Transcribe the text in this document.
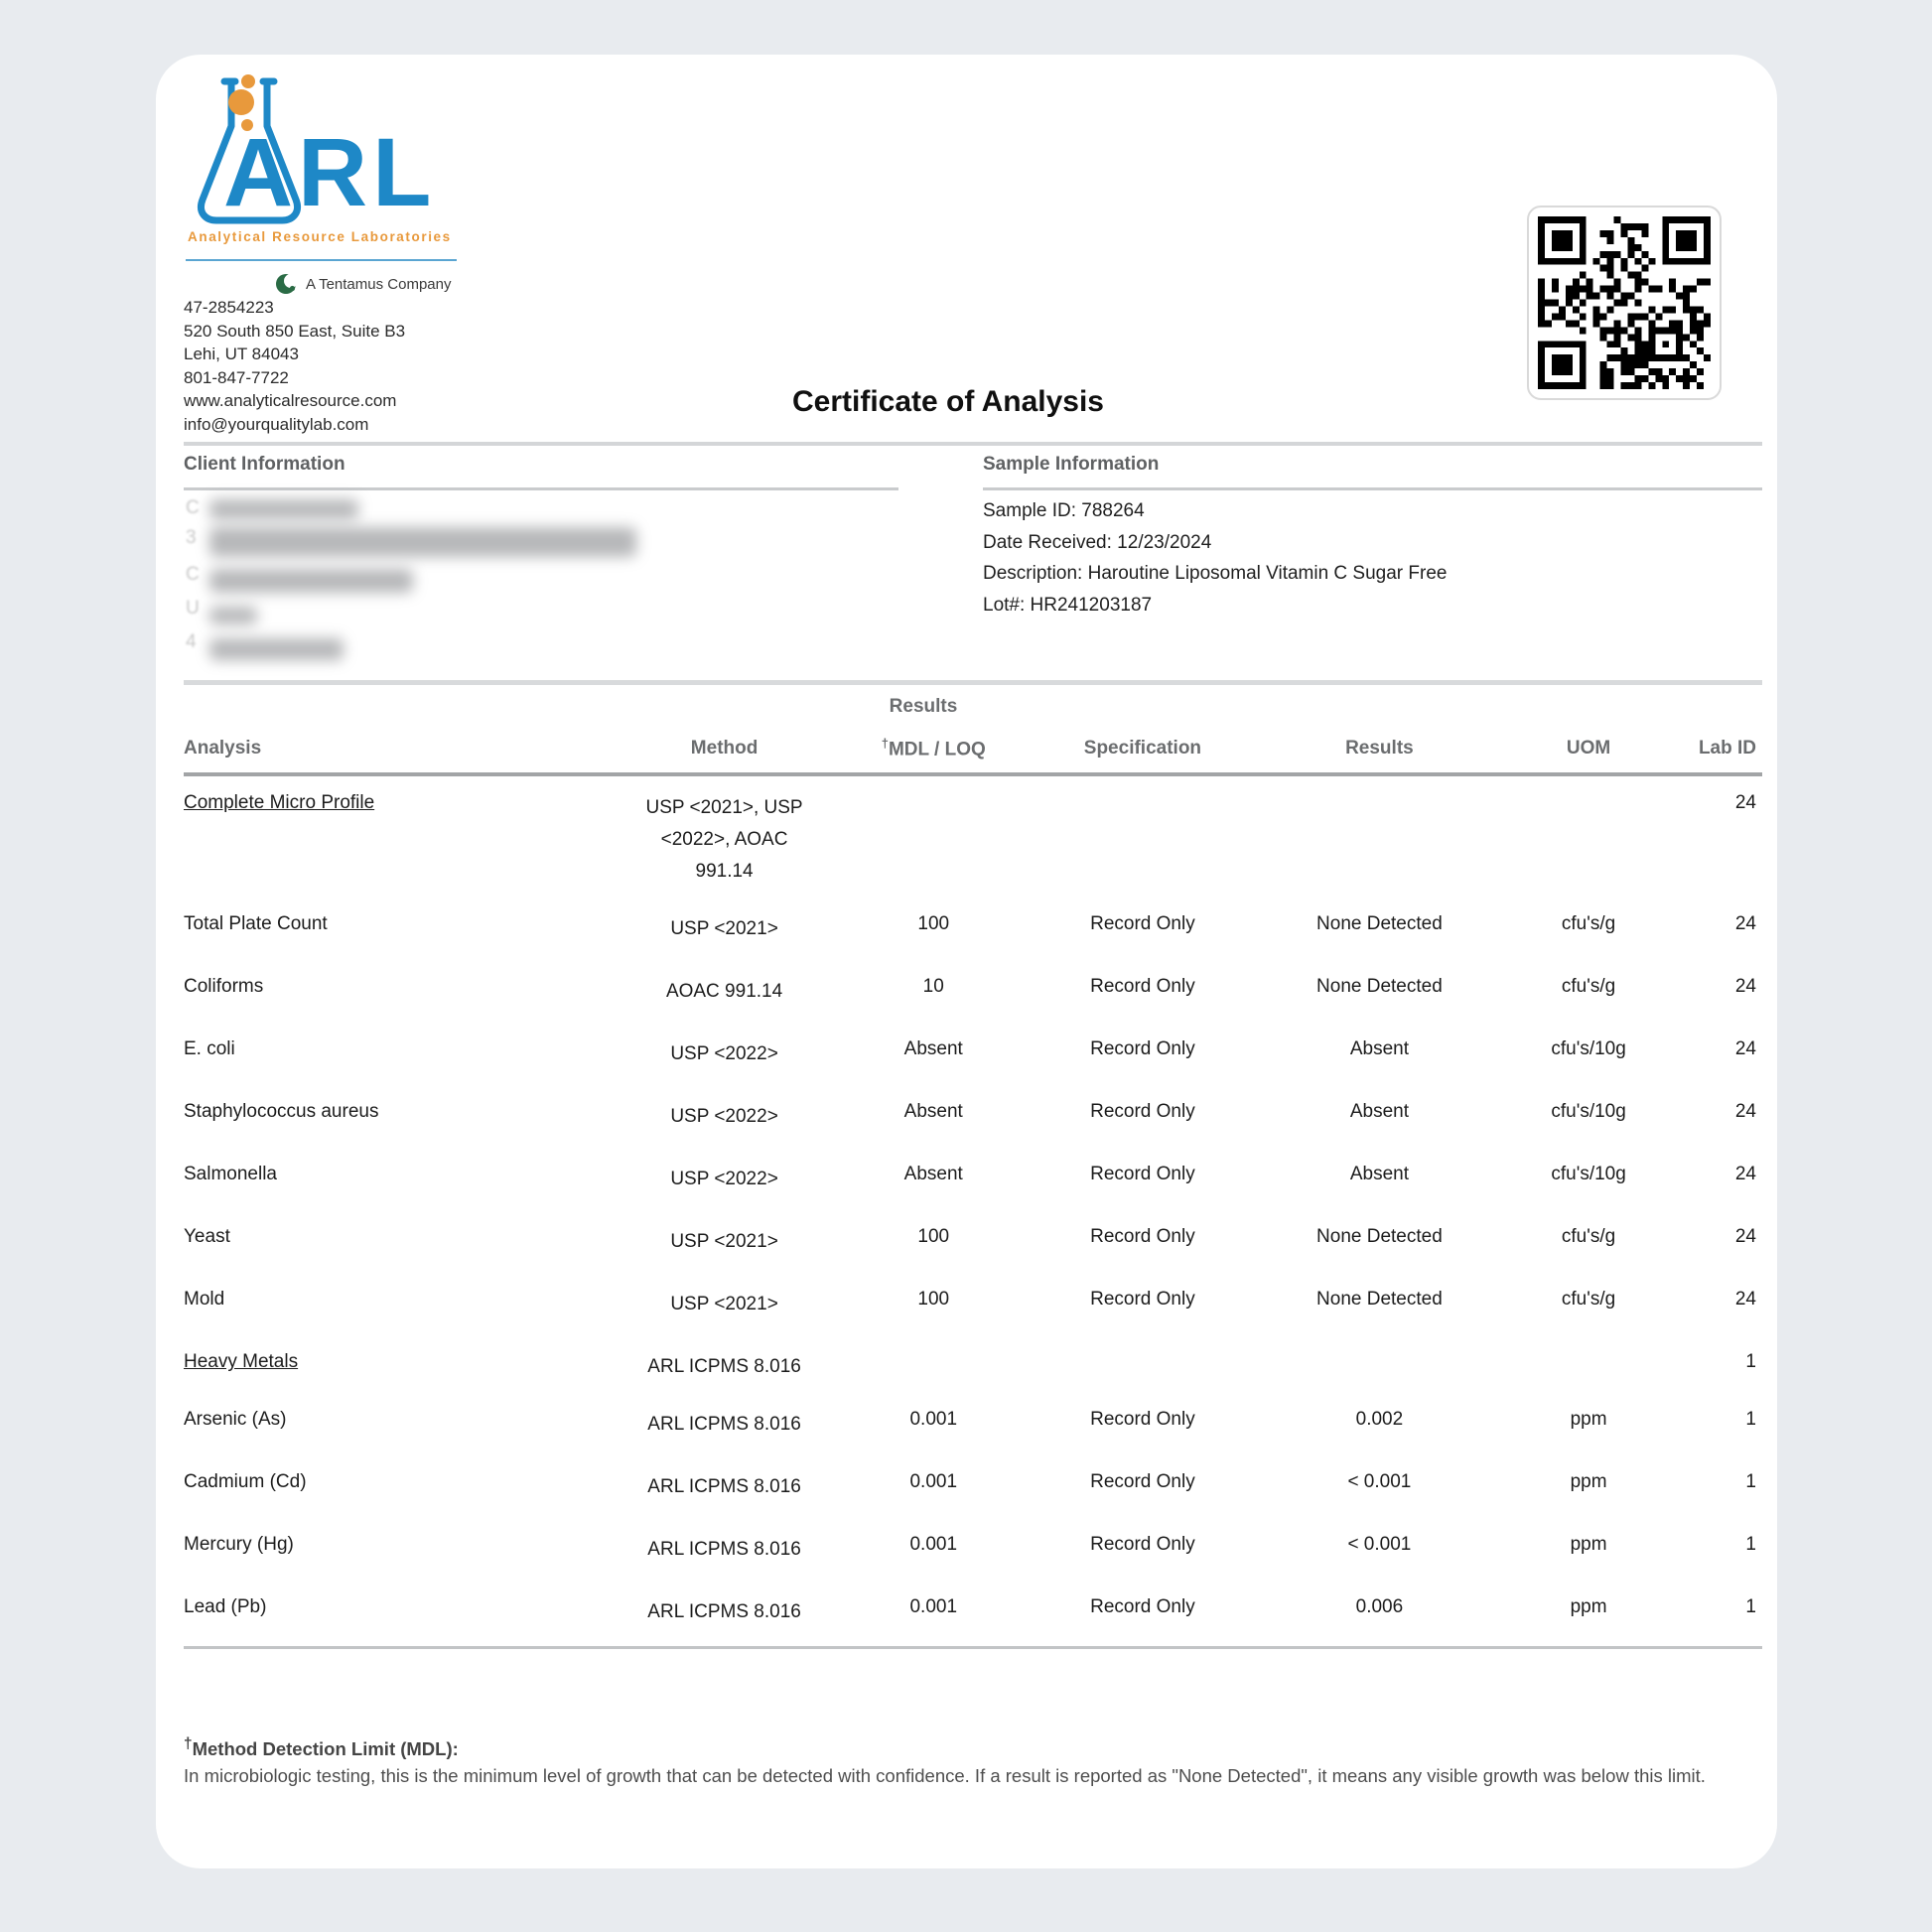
ARL
Analytical Resource Laboratories
A Tentamus Company
47-2854223
520 South 850 East, Suite B3
Lehi, UT 84043
801-847-7722
www.analyticalresource.com
info@yourqualitylab.com
Certificate of Analysis
Client Information	Sample Information
C
3
C
U
4
Sample ID: 788264
Date Received: 12/23/2024
Description: Haroutine Liposomal Vitamin C Sugar Free
Lot#: HR241203187
Results
Analysis	Method	†MDL / LOQ	Specification	Results	UOM	Lab ID
Complete Micro Profile	USP <2021>, USP <2022>, AOAC 991.14					24
Total Plate Count	USP <2021>	100	Record Only	None Detected	cfu's/g	24
Coliforms	AOAC 991.14	10	Record Only	None Detected	cfu's/g	24
E. coli	USP <2022>	Absent	Record Only	Absent	cfu's/10g	24
Staphylococcus aureus	USP <2022>	Absent	Record Only	Absent	cfu's/10g	24
Salmonella	USP <2022>	Absent	Record Only	Absent	cfu's/10g	24
Yeast	USP <2021>	100	Record Only	None Detected	cfu's/g	24
Mold	USP <2021>	100	Record Only	None Detected	cfu's/g	24
Heavy Metals	ARL ICPMS 8.016					1
Arsenic (As)	ARL ICPMS 8.016	0.001	Record Only	0.002	ppm	1
Cadmium (Cd)	ARL ICPMS 8.016	0.001	Record Only	< 0.001	ppm	1
Mercury (Hg)	ARL ICPMS 8.016	0.001	Record Only	< 0.001	ppm	1
Lead (Pb)	ARL ICPMS 8.016	0.001	Record Only	0.006	ppm	1
†Method Detection Limit (MDL):
In microbiologic testing, this is the minimum level of growth that can be detected with confidence. If a result is reported as "None Detected", it means any visible growth was below this limit.
